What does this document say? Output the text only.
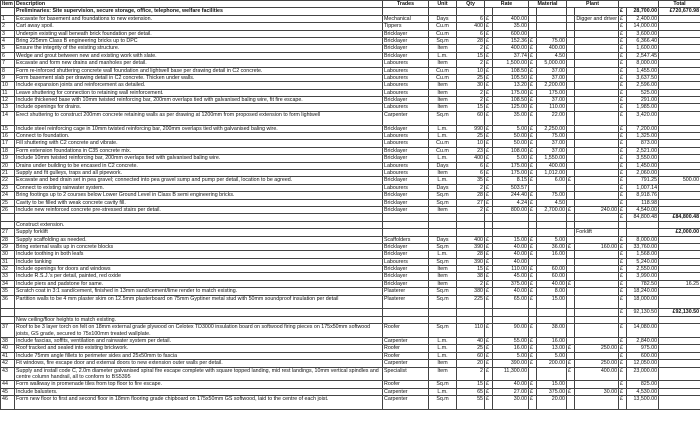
Item	Description	Trades	Unit	Qty	Rate		Material		Plant				Total
	Preliminaries: Site supervision, secure storage, office, telephone, welfare facilities										£	28,700.00	£720,670.98
1	Excavate for basement and foundations to new extension.	Mechanical	Days	6	£	400.00				Digger and driver	£	2,400.00	
2	Cart away spoil.	Tippers	Cu.m	400	£	35.00					£	14,000.00	
3	Underpin existing wall beneath brick foundation per detail.	Bricklayer	Cu.m	6	£	600.00					£	3,600.00	
4	Bring 225mm Class B engineering bricks up to DPC	Bricklayer	Sq.m	28	£	152.36	£	75.00			£	6,366.40	
5	Ensure the integrity of the existing structure.	Bricklayer	Item	2	£	400.00	£	400.00			£	1,600.00	
6	Wedge and grout between new and existing work with slate.	Bricklayer	L.m.	15	£	37.74	£	4.50			£	2,547.45	
7	Excavate and form new drains and manholes per detail.	Labourers	Item	2	£	1,500.00	£	5,000.00			£	8,000.00	
8	Form re-inforced shuttering concrete wall foundation and lightwell base per drawing detail in C2 concrete.	Labourers	Cu.m	10	£	108.50	£	37.00			£	1,455.00	
9	Form basement slab per drawing detail in C2 concrete. Thicken under walls.	Labourers	Cu.m	25	£	105.50	£	37.00			£	3,637.50	
10	Include expansion joints and reinforcement as detailed.	Labourers	Item	30	£	13.20	£	2,200.00			£	2,596.00	
11	Leave shuttering for connection to retaining wall reinforcement.	Labourers	Item	2	£	175.00	£	175.00			£	525.00	
12	Include thickened base with 10mm twisted reinforcing bar, 200mm overlaps tied with galvanised baling wire, fit fire escape.	Bricklayer	Item	2	£	108.50	£	37.00			£	291.00	
13	Include openings for drains.	Labourers	Item	15	£	125.00	£	110.00			£	1,985.00	
14	Erect shuttering to construct 200mm concrete retaining walls as per drawing at 1200mm from proposed extension to form lightwell	Carpenter	Sq.m	60	£	35.00	£	22.00			£	3,420.00	
15	Include steel reinforcing cage in 10mm twisted reinforcing bar, 200mm overlaps tied with galvanised baling wire.	Bricklayer	L.m.	990	£	5.00	£	2,250.00			£	7,200.00	
16	Connect to foundation.	Labourers	L.m.	25	£	50.00	£	75.00			£	1,325.00	
17	Fill shuttering with C2 concrete and vibrate.	Labourers	Cu.m	10	£	50.00	£	37.00			£	873.00	
18	Form extension foundations in C35 concrete mix.	Bricklayer	Cu.m	23	£	108.00	£	37.00			£	2,521.00	
19	Include 10mm twisted reinforcing bar, 200mm overlaps tied with galvanised baling wire.	Bricklayer	L.m.	400	£	5.00	£	1,550.00			£	3,550.00	
20	Drains under building to be encased in C2 concrete.	Labourers	Days	6	£	175.00	£	400.00			£	1,450.00	
21	Supply and fit gulleys, traps and all pipework.	Labourers	Item	6	£	175.00	£	1,012.00			£	2,060.00	
22	Excavate and bed drain set in pea gravel; connected into pea gravel sump and pump per detail, location to be agreed.	Bricklayer	L.m.	35	£	8.15	£	6.00	£		£	791.25	500.00
23	Connect to existing rainwater system.	Labourers	Days	2	£	503.57					£	1,007.14	
24	Bring footings up to 2 courses below Lower Ground Level in Class B semi engineering bricks.	Bricklayer	Sq.m	28	£	244.40	£	75.00			£	8,918.76	
25	Cavity to be filled with weak concrete cavity fill.	Bricklayer	Sq.m	27	£	4.24	£	4.50			£	118.98	
26	Include new reinforced concrete pre-stressed stairs per detail.	Bricklayer	Item	2	£	800.00	£	2,700.00	£	240.00	£	4,540.00	
											£	84,800.48	£84,800.48
	Construct extension.												
27	Supply forklift									Forklift			£2,000.00
28	Supply scaffolding as needed.	Scaffolders	Days	400	£	15.00	£	5.00			£	8,000.00	
29	Bring external walls up in concrete blocks	Bricklayer	Sq.m	390	£	40.00	£	36.00	£	160.00	£	33,760.00	
30	Include toothing in both leafs	Bricklayer	L.m.	28	£	40.00	£	16.00			£	1,568.00	
31	Include tanking	Labourers	Sq.m	390	£	40.00					£	5,240.00	
32	Include openings for doors and windows	Bricklayer	Item	15	£	110.00	£	60.00			£	2,550.00	
33	Include R.S.J.'s per detail, painted, red oxide	Bricklayer	Item	38	£	45.00	£	60.00			£	3,990.00	
34	Include piers and padstone for same.	Bricklayer	Item	2	£	375.00	£	40.00	£		£	782.50	16.25
35	Scratch coat in 3:1 sand/cement, finished in 13mm sand/cement/lime render to match existing.	Plasterer	Sq.m	380	£	40.00	£	8.00			£	18,240.00	
36	Partition walls to be 4 mm plaster skim on 12.5mm plasterboard on 75mm Gyptiner metal stud with 50mm soundproof insulation per detail	Plasterer	Sq.m	225	£	65.00	£	15.00			£	18,000.00	
											£	92,130.50	£92,130.50
	New ceiling/floor heights to match existing.												
37	Roof to be 3 layer torch on felt on 18mm external grade plywood on Celotex TD3000 insulation board on softwood firing pieces on 175x50mm softwood joists, GS grade, secured to 75x100mm treated wallplate.	Roofer	Sq.m	110	£	90.00	£	38.00			£	14,080.00	
38	Include fascias, soffits, ventilation and rainwater system per detail.	Carpenter	L.m.	40	£	55.00	£	16.00			£	2,840.00	
40	Roof tracked and sealed into existing brickwork.	Roofer	L.m.	25	£	16.00	£	13.00	£	250.00	£	975.00	
41	Include 75mm angle fillets to perimeter sides and 25x50mm to fascia	Roofer	L.m.	60	£	5.00	£	5.00			£	600.00	
42	Fit windows, fire escape door and external doors to new extension outer walls per detail.	Carpenter	Item	20	£	390.00	£	200.00	£	250.00	£	12,050.00	
43	Supply and install code C, 2.0m diameter galvanised spiral fire escape complete with square topped landing, mid rest landings, 10mm vertical spindles and centre column handrail, all to conform to BS5395	Specialist	Item	2	£	11,300.00			£	400.00	£	23,000.00	
44	Form walkway in promenade tiles from top floor to fire escape.	Roofer	Sq.m	15	£	40.00	£	15.00			£	825.00	
45	Include balusters.	Carpenter	L.m.	65	£	27.00	£	375.00	£	30.00	£	4,530.00	
46	Form new floor to first and second floor in 18mm flooring grade chipboard on 175x50mm GS softwood, laid to the centre of each joist.	Carpenter	Sq.m	55	£	30.00	£	20.00			£	13,500.00	
